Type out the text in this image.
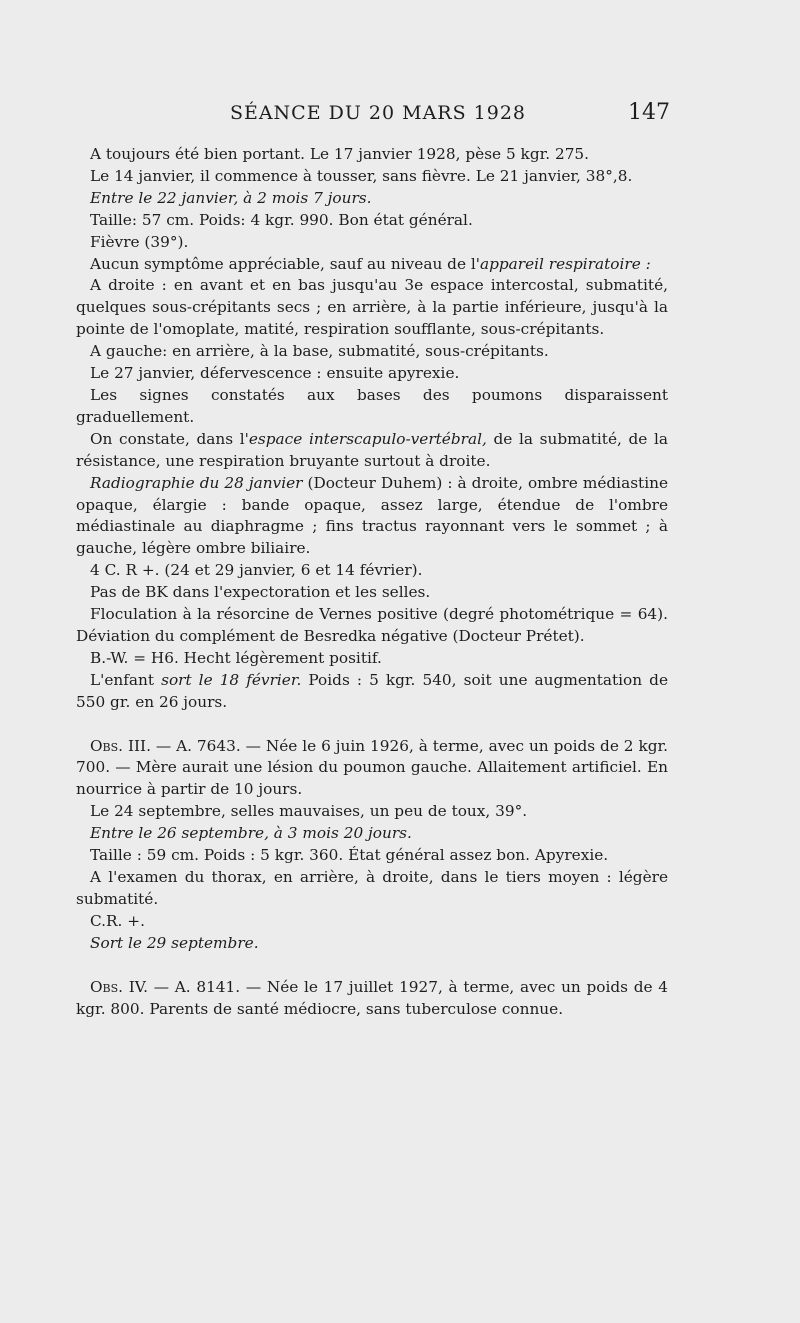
SÉANCE DU 20 MARS 1928	147

A toujours été bien portant. Le 17 janvier 1928, pèse 5 kgr. 275.

Le 14 janvier, il commence à tousser, sans fièvre. Le 21 janvier, 38°,8.

Entre le 22 janvier, à 2 mois 7 jours.

Taille: 57 cm. Poids: 4 kgr. 990. Bon état général.

Fièvre (39°).

Aucun symptôme appréciable, sauf au niveau de l'appareil respiratoire :

A droite : en avant et en bas jusqu'au 3e espace intercostal, submatité, quelques sous-crépitants secs ; en arrière, à la partie inférieure, jusqu'à la pointe de l'omoplate, matité, respiration soufflante, sous-crépitants.

A gauche: en arrière, à la base, submatité, sous-crépitants.

Le 27 janvier, défervescence : ensuite apyrexie.

Les signes constatés aux bases des poumons disparaissent graduellement.

On constate, dans l'espace interscapulo-vertébral, de la submatité, de la résistance, une respiration bruyante surtout à droite.

Radiographie du 28 janvier (Docteur Duhem) : à droite, ombre médiastine opaque, élargie : bande opaque, assez large, étendue de l'ombre médiastinale au diaphragme ; fins tractus rayonnant vers le sommet ; à gauche, légère ombre biliaire.

4 C. R +. (24 et 29 janvier, 6 et 14 février).

Pas de BK dans l'expectoration et les selles.

Floculation à la résorcine de Vernes positive (degré photométrique = 64). Déviation du complément de Besredka négative (Docteur Prétet).

B.-W. = H6. Hecht légèrement positif.

L'enfant sort le 18 février. Poids : 5 kgr. 540, soit une augmentation de 550 gr. en 26 jours.

Obs. III. — A. 7643. — Née le 6 juin 1926, à terme, avec un poids de 2 kgr. 700. — Mère aurait une lésion du poumon gauche. Allaitement artificiel. En nourrice à partir de 10 jours.

Le 24 septembre, selles mauvaises, un peu de toux, 39°.

Entre le 26 septembre, à 3 mois 20 jours.

Taille : 59 cm. Poids : 5 kgr. 360. État général assez bon. Apyrexie.

A l'examen du thorax, en arrière, à droite, dans le tiers moyen : légère submatité.

C.R. +.

Sort le 29 septembre.

Obs. IV. — A. 8141. — Née le 17 juillet 1927, à terme, avec un poids de 4 kgr. 800. Parents de santé médiocre, sans tuberculose connue.
